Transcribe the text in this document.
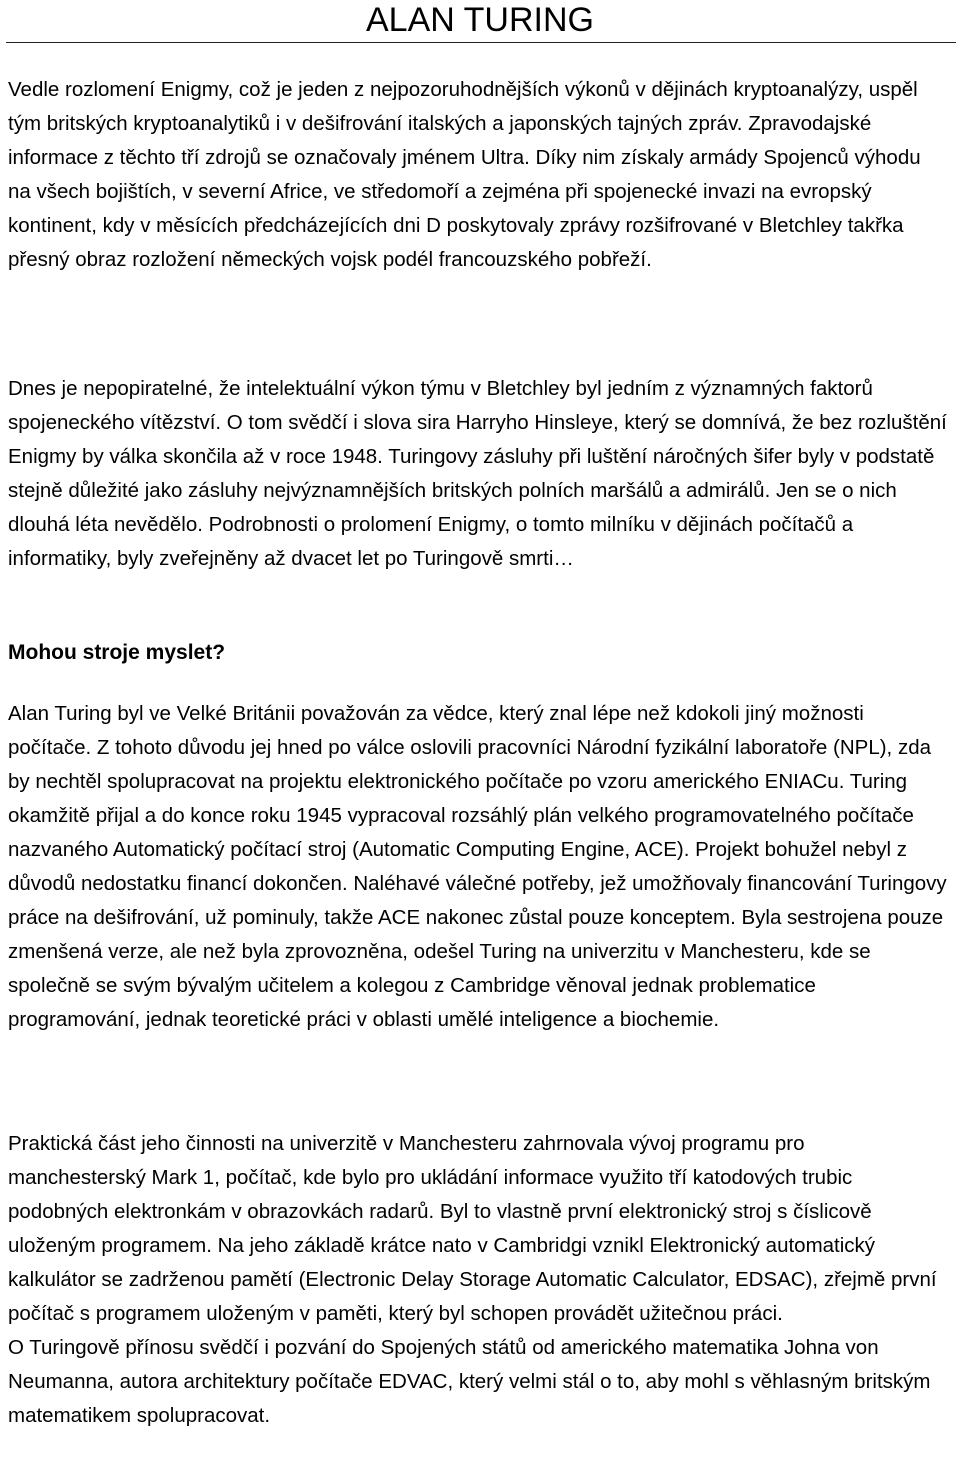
ALAN TURING

Vedle rozlomení Enigmy, což je jeden z nejpozoruhodnějších výkonů v dějinách kryptoanalýzy, uspěl tým britských kryptoanalytiků i v dešifrování italských a japonských tajných zpráv. Zpravodajské informace z těchto tří zdrojů se označovaly jménem Ultra. Díky nim získaly armády Spojenců výhodu na všech bojištích, v severní Africe, ve středomoří a zejména při spojenecké invazi na evropský kontinent, kdy v měsících předcházejících dni D poskytovaly zprávy rozšifrované v Bletchley takřka přesný obraz rozložení německých vojsk podél francouzského pobřeží.

Dnes je nepopiratelné, že intelektuální výkon týmu v Bletchley byl jedním z významných faktorů spojeneckého vítězství. O tom svědčí i slova sira Harryho Hinsleye, který se domnívá, že bez rozluštění Enigmy by válka skončila až v roce 1948. Turingovy zásluhy při luštění náročných šifer byly v podstatě stejně důležité jako zásluhy nejvýznamnějších britských polních maršálů a admirálů. Jen se o nich dlouhá léta nevědělo. Podrobnosti o prolomení Enigmy, o tomto milníku v dějinách počítačů a informatiky, byly zveřejněny až dvacet let po Turingově smrti…

Mohou stroje myslet?

Alan Turing byl ve Velké Británii považován za vědce, který znal lépe než kdokoli jiný možnosti počítače. Z tohoto důvodu jej hned po válce oslovili pracovníci Národní fyzikální laboratoře (NPL), zda by nechtěl spolupracovat na projektu elektronického počítače po vzoru amerického ENIACu. Turing okamžitě přijal a do konce roku 1945 vypracoval rozsáhlý plán velkého programovatelného počítače nazvaného Automatický počítací stroj (Automatic Computing Engine, ACE). Projekt bohužel nebyl z důvodů nedostatku financí dokončen. Naléhavé válečné potřeby, jež umožňovaly financování Turingovy práce na dešifrování, už pominuly, takže ACE nakonec zůstal pouze konceptem. Byla sestrojena pouze zmenšená verze, ale než byla zprovozněna, odešel Turing na univerzitu v Manchesteru, kde se společně se svým bývalým učitelem a kolegou z Cambridge věnoval jednak problematice programování, jednak teoretické práci v oblasti umělé inteligence a biochemie.

Praktická část jeho činnosti na univerzitě v Manchesteru zahrnovala vývoj programu pro manchesterský Mark 1, počítač, kde bylo pro ukládání informace využito tří katodových trubic podobných elektronkám v obrazovkách radarů. Byl to vlastně první elektronický stroj s číslicově uloženým programem. Na jeho základě krátce nato v Cambridgi vznikl Elektronický automatický kalkulátor se zadrženou pamětí (Electronic Delay Storage Automatic Calculator, EDSAC), zřejmě první počítač s programem uloženým v paměti, který byl schopen provádět užitečnou práci.
O Turingově přínosu svědčí i pozvání do Spojených států od amerického matematika Johna von Neumanna, autora architektury počítače EDVAC, který velmi stál o to, aby mohl s věhlasným britským matematikem spolupracovat.
